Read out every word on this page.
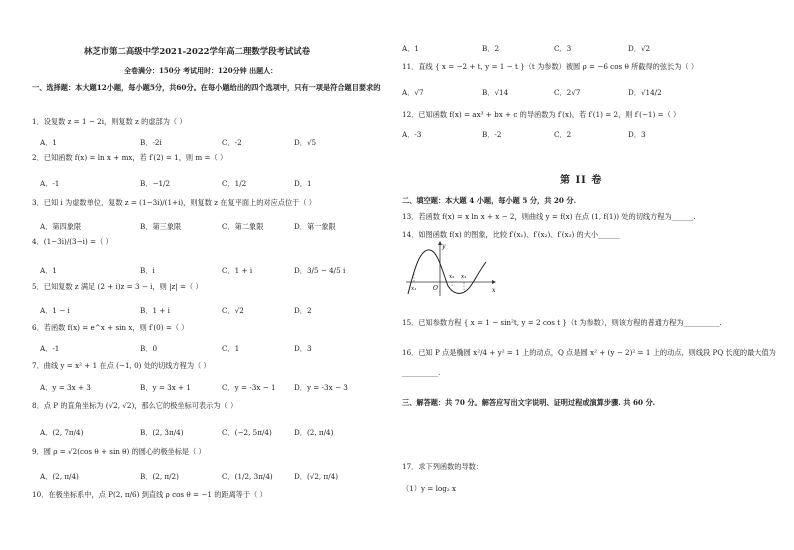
林芝市第二高级中学2021-2022学年高二理数学段考试试卷
全卷满分：150分 考试用时：120分钟 出题人：
一、选择题：本大题12小题，每小题5分，共60分。在每小题给出的四个选项中，只有一项是符合题目要求的
1．设复数 z = 1 − 2i，则复数 z 的虚部为（ ）
A．1	B．-2i	C．-2	D．√5
2．已知函数 f(x) = ln x + mx，若 f′(2) = 1，则 m =（ ）
A．-1	B．−1/2	C．1/2	D．1
3．已知 i 为虚数单位，复数 z = (1−3i)/(1+i)，则复数 z 在复平面上的对应点位于（ ）
A．第四象限	B．第三象限	C．第二象限	D．第一象限
4．(1−3i)/(3−i) =（ ）
A．1	B．i	C．1 + i	D．3/5 − 4/5 i
5．已知复数 z 满足 (2 + i)z = 3 − i，则 |z| =（ ）
A．1 − i	B．1 + i	C．√2	D．2
6．若函数 f(x) = e^x + sin x，则 f′(0) =（ ）
A．-1	B．0	C．1	D．3
7．曲线 y = x² + 1 在点 (−1, 0) 处的切线方程为（ ）
A．y = 3x + 3	B．y = 3x + 1	C．y = -3x − 1	D．y = -3x − 3
8．点 P 的直角坐标为 (√2, √2)，那么它的极坐标可表示为（ ）
A．(2, 7π/4)	B．(2, 3π/4)	C．(−2, 5π/4)	D．(2, π/4)
9．圆 ρ = √2(cos θ + sin θ) 的圆心的极坐标是（ ）
A．(2, π/4)	B．(2, π/2)	C．(1/2, 3π/4)	D．(√2, π/4)
10．在极坐标系中，点 P(2, π/6) 到直线 ρ cos θ = −1 的距离等于（ ）
A．1	B．2	C．3	D．√2
11．直线 { x = −2 + t, y = 1 − t }（t 为参数）被圆 ρ = −6 cos θ 所截得的弦长为（ ）
A．√7	B．√14	C．2√7	D．√14/2
12．已知函数 f(x) = ax³ + bx + c 的导函数为 f′(x)，若 f′(1) = 2，则 f′(−1) =（ ）
A．-3	B．-2	C．2	D．3
第 II 卷
二、填空题：本大题 4 小题，每小题 5 分，共 20 分.
13．若函数 f(x) = x ln x + x − 2，则曲线 y = f(x) 在点 (1, f(1)) 处的切线方程为______.
14．如图函数 f(x) 的图象，比较 f′(x₁)、f′(x₂)、f′(x₃) 的大小______
y
x
O
x₁
x₂ x₃
15．已知参数方程 { x = 1 − sin²t, y = 2 cos t }（t 为参数），则该方程的普通方程为__________.
16．已知 P 点是椭圆 x²/4 + y² = 1 上的动点，Q 点是圆 x² + (y − 2)² = 1 上的动点，则线段 PQ 长度的最大值为
__________.
三、解答题：共 70 分。解答应写出文字说明、证明过程或演算步骤. 共 60 分.
17．求下列函数的导数：
（1）y = log₂ x
